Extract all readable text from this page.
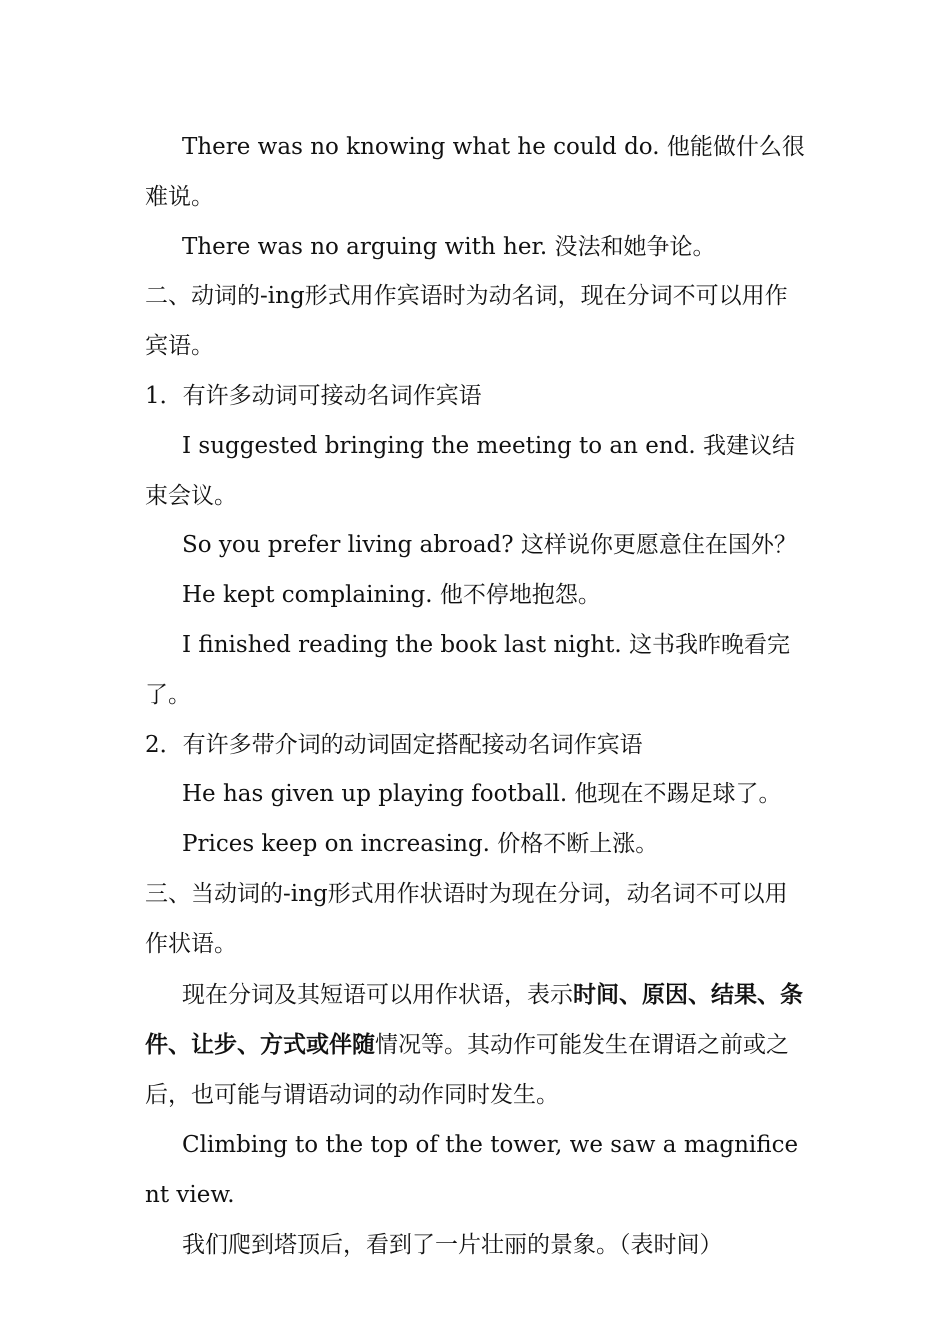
There was no knowing what he could do. 他能做什么很难说。

There was no arguing with her. 没法和她争论。

二、动词的-ing形式用作宾语时为动名词，现在分词不可以用作宾语。

1．有许多动词可接动名词作宾语

I suggested bringing the meeting to an end. 我建议结束会议。

So you prefer living abroad? 这样说你更愿意住在国外？

He kept complaining. 他不停地抱怨。

I finished reading the book last night. 这书我昨晚看完了。

2．有许多带介词的动词固定搭配接动名词作宾语

He has given up playing football. 他现在不踢足球了。

Prices keep on increasing. 价格不断上涨。

三、当动词的-ing形式用作状语时为现在分词，动名词不可以用作状语。

现在分词及其短语可以用作状语，表示时间、原因、结果、条件、让步、方式或伴随情况等。其动作可能发生在谓语之前或之后，也可能与谓语动词的动作同时发生。

Climbing to the top of the tower, we saw a magnificent view.

我们爬到塔顶后，看到了一片壮丽的景象。（表时间）
